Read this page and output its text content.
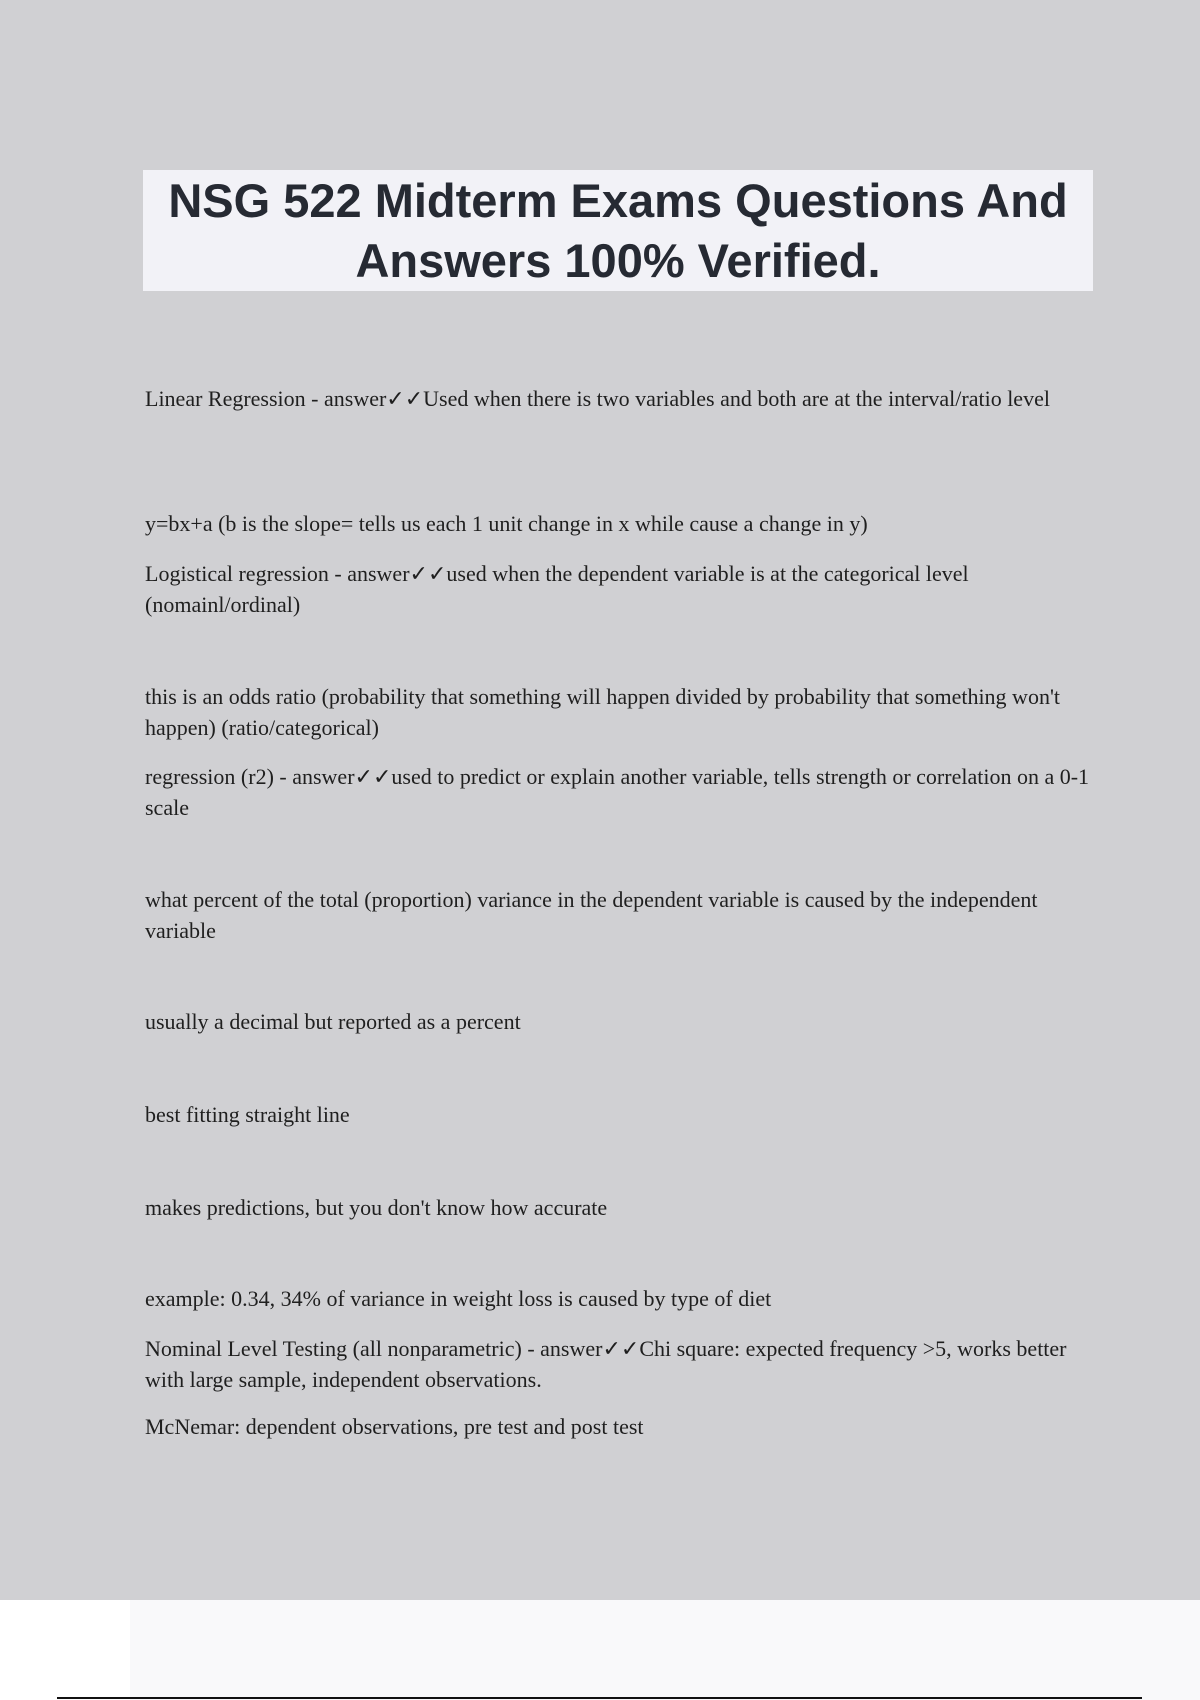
NSG 522 Midterm Exams Questions And Answers 100% Verified.

Linear Regression - answer✓✓Used when there is two variables and both are at the interval/ratio level

y=bx+a (b is the slope= tells us each 1 unit change in x while cause a change in y)

Logistical regression - answer✓✓used when the dependent variable is at the categorical level (nomainl/ordinal)

this is an odds ratio (probability that something will happen divided by probability that something won't happen) (ratio/categorical)

regression (r2) - answer✓✓used to predict or explain another variable, tells strength or correlation on a 0-1 scale

what percent of the total (proportion) variance in the dependent variable is caused by the independent variable

usually a decimal but reported as a percent

best fitting straight line

makes predictions, but you don't know how accurate

example: 0.34, 34% of variance in weight loss is caused by type of diet

Nominal Level Testing (all nonparametric) - answer✓✓Chi square: expected frequency >5, works better with large sample, independent observations.

McNemar: dependent observations, pre test and post test
